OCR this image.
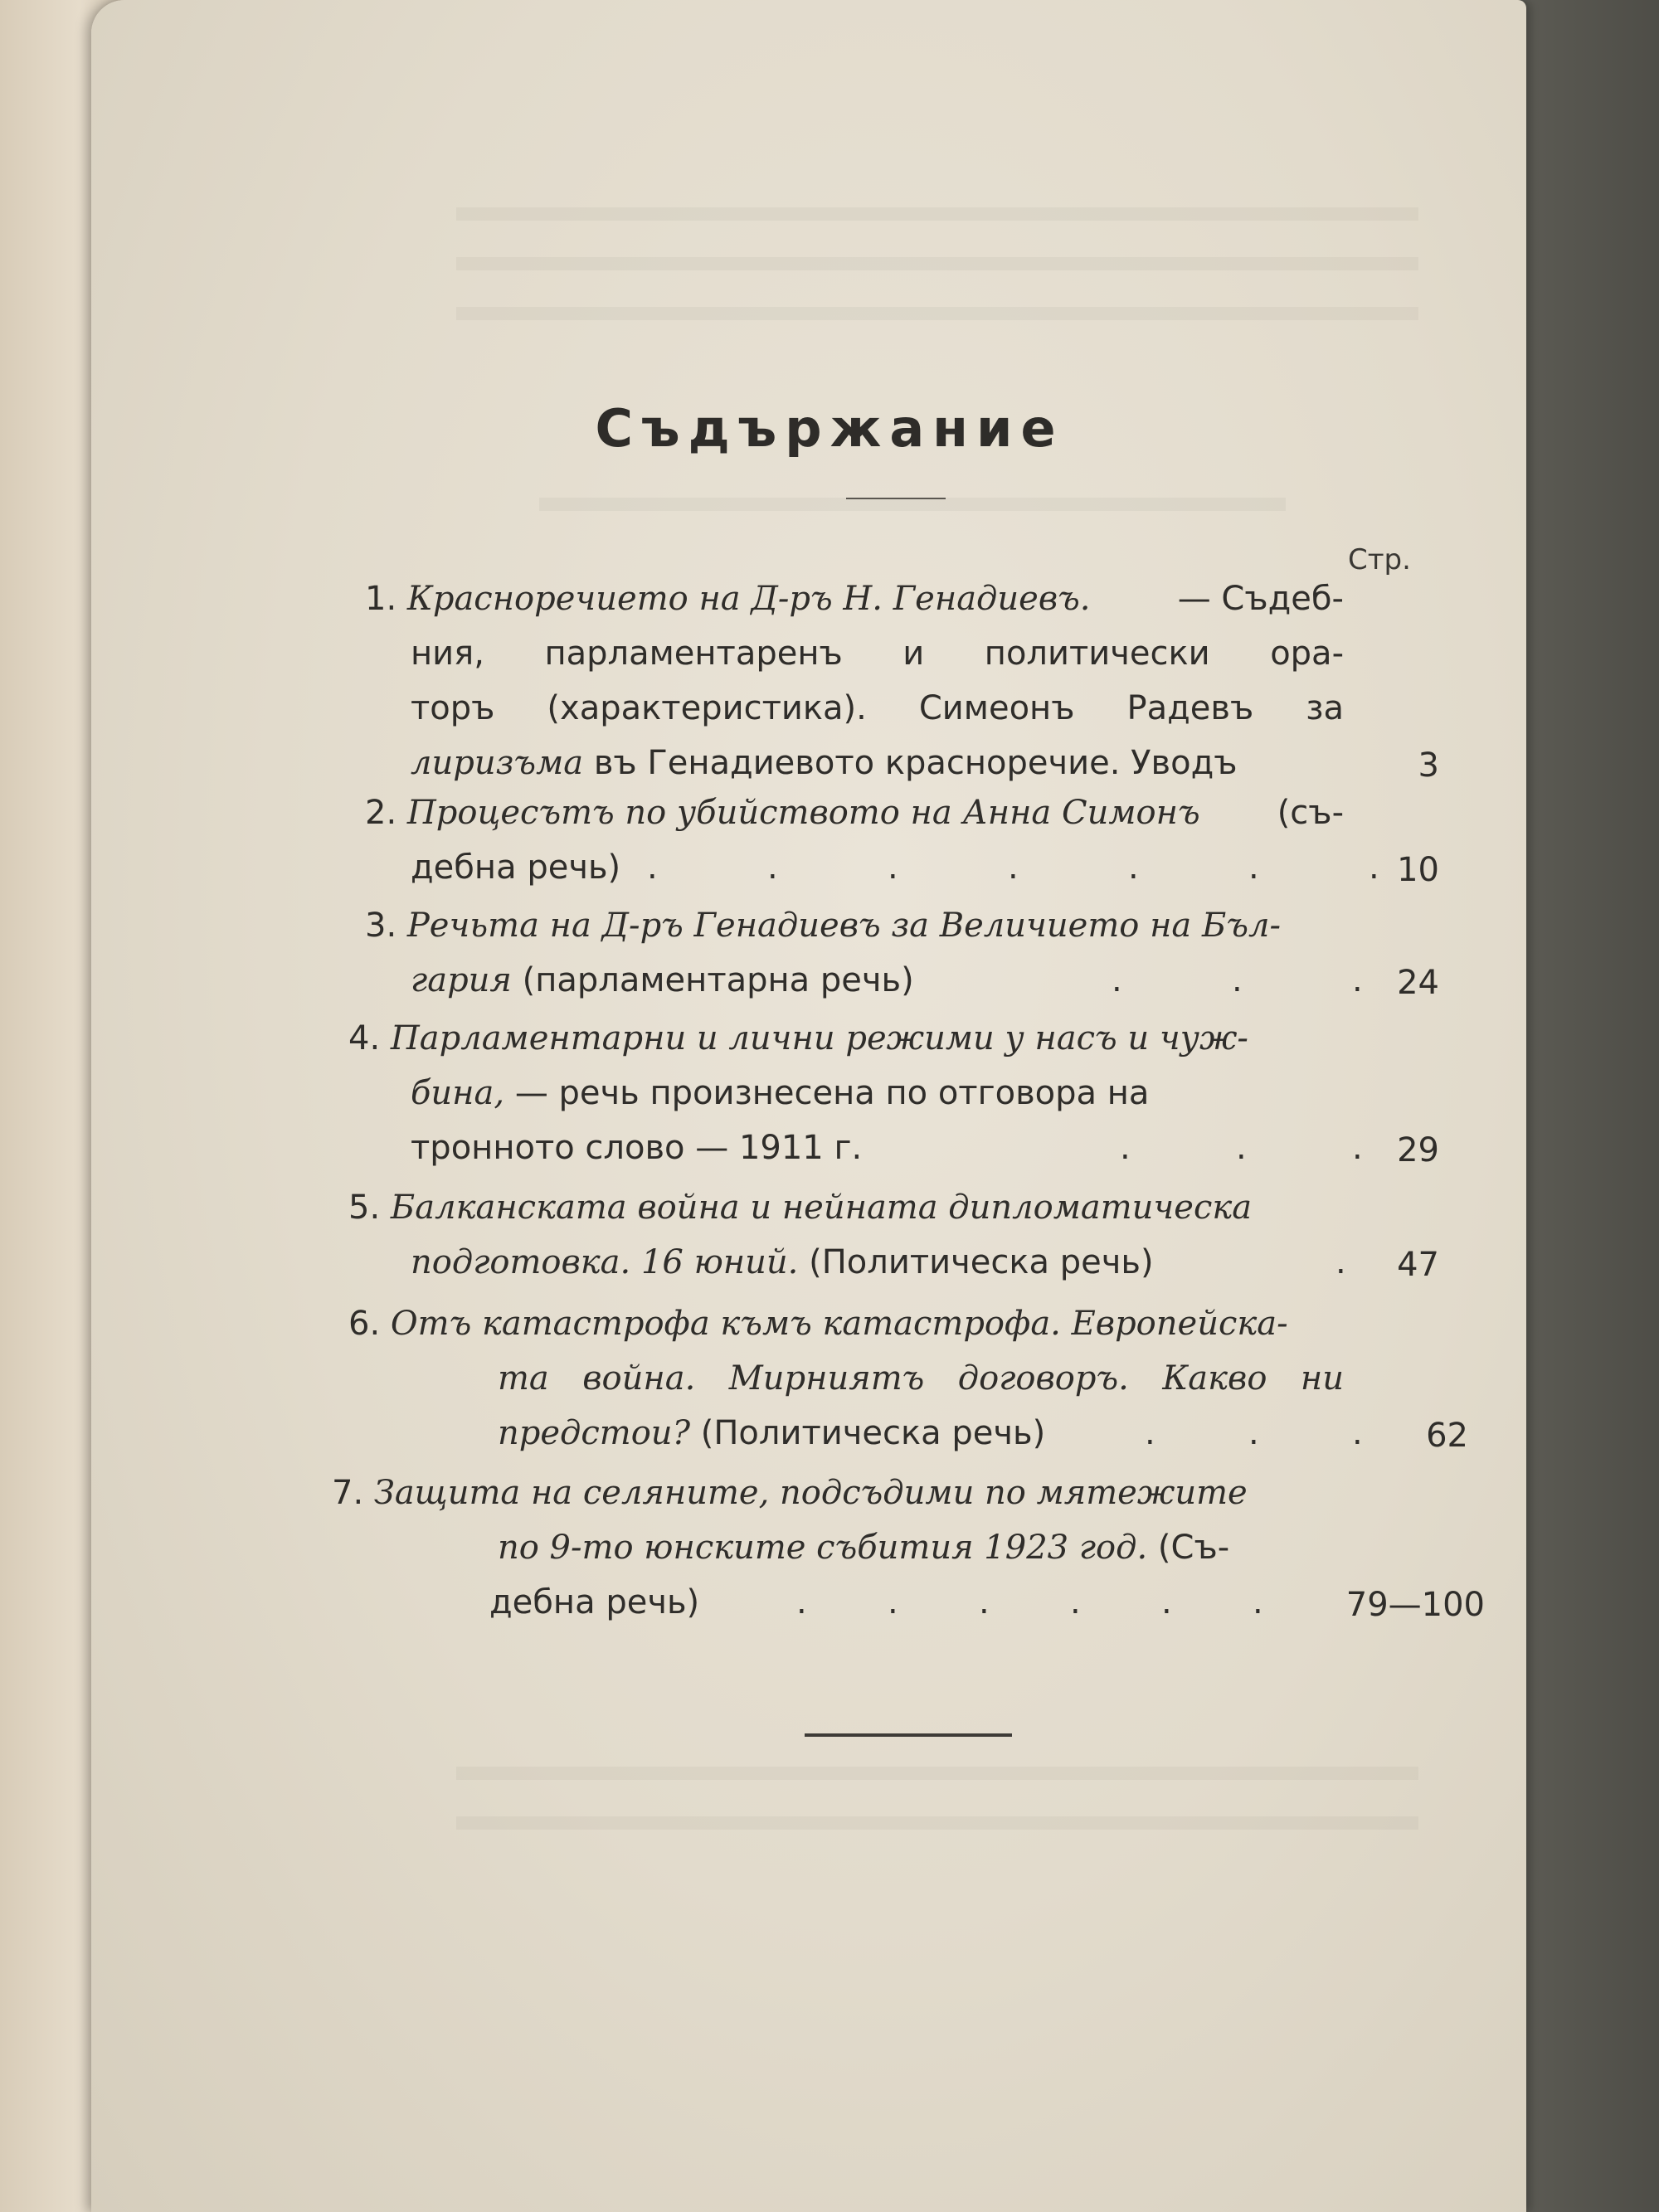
Съдържание
Стр.
1. Красноречието на Д-ръ Н. Генадиевъ.	— Съдеб-
ния, парламентаренъ и политически ора-
торъ (характеристика). Симеонъ Радевъ за
лиризъма въ Генадиевото красноречие. Уводъ	3
2. Процесътъ по убийството на Анна Симонъ (съ-
дебна речь) .	.	.	.	.	.	. 10
3. Речьта на Д-ръ Генадиевъ за Величието на Бъл-
гария (парламентарна речь)	.	.	.	24
4. Парламентарни и лични режими у насъ и чуж-
бина, — речь произнесена по отговора на
тронното слово — 1911 г.	.	.	.	29
5. Балканската война и нейната дипломатическа
подготовка. 16 юний. (Политическа речь)	.	47
6. Отъ катастрофа къмъ катастрофа. Европейска-
та война. Мирниятъ договоръ. Какво ни
предстои? (Политическа речь)	.	.	.	62
7. Защита на селяните, подсъдими по мятежите
по 9-то юнските събития 1923 год. (Съ-
дебна речь)	. . . . . .	79—100
